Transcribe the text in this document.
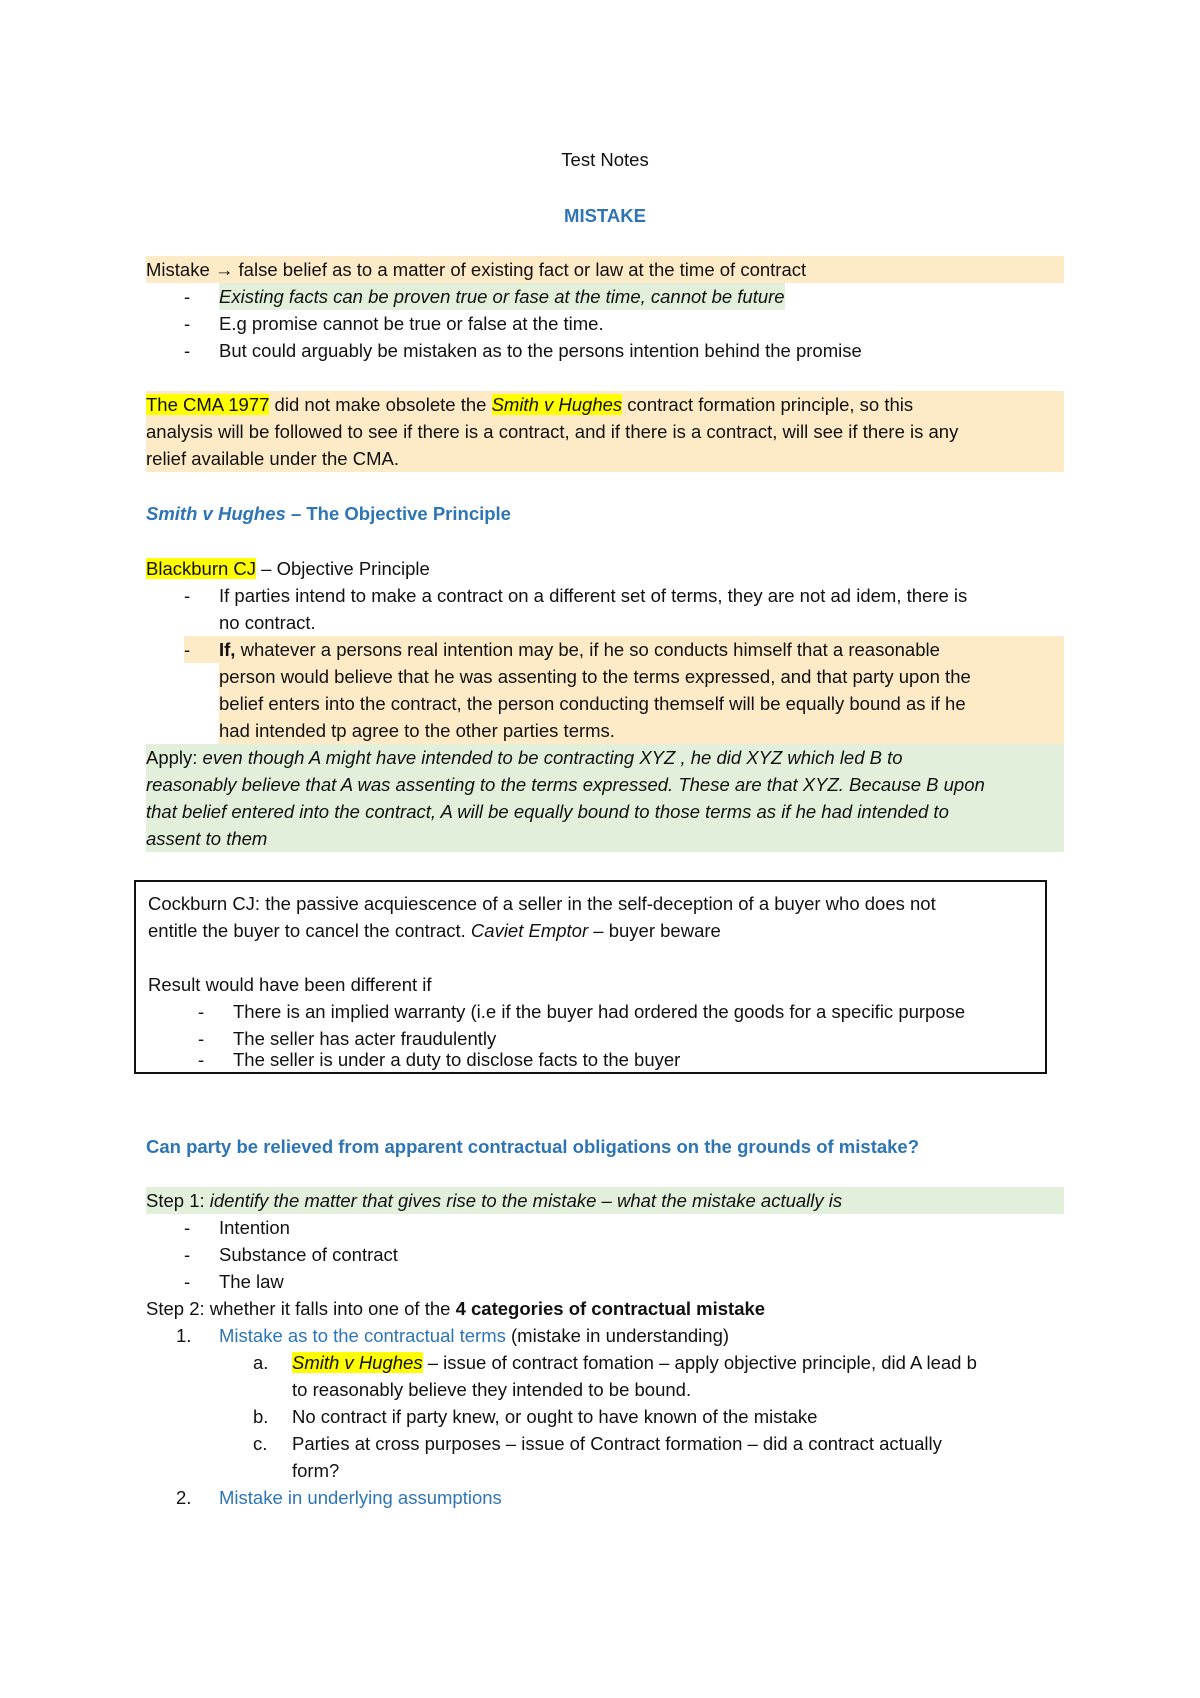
Test Notes
MISTAKE
Mistake → false belief as to a matter of existing fact or law at the time of contract
- Existing facts can be proven true or fase at the time, cannot be future
- E.g promise cannot be true or false at the time.
- But could arguably be mistaken as to the persons intention behind the promise
The CMA 1977 did not make obsolete the Smith v Hughes contract formation principle, so this
analysis will be followed to see if there is a contract, and if there is a contract, will see if there is any
relief available under the CMA.
Smith v Hughes – The Objective Principle
Blackburn CJ – Objective Principle
- If parties intend to make a contract on a different set of terms, they are not ad idem, there is
no contract.
-	If, whatever a persons real intention may be, if he so conducts himself that a reasonable
person would believe that he was assenting to the terms expressed, and that party upon the
belief enters into the contract, the person conducting themself will be equally bound as if he
had intended tp agree to the other parties terms.
Apply: even though A might have intended to be contracting XYZ , he did XYZ which led B to
reasonably believe that A was assenting to the terms expressed. These are that XYZ. Because B upon
that belief entered into the contract, A will be equally bound to those terms as if he had intended to
assent to them
Cockburn CJ: the passive acquiescence of a seller in the self-deception of a buyer who does not
entitle the buyer to cancel the contract. Caviet Emptor – buyer beware
Result would have been different if
- There is an implied warranty (i.e if the buyer had ordered the goods for a specific purpose
- The seller has acter fraudulently
- The seller is under a duty to disclose facts to the buyer
Can party be relieved from apparent contractual obligations on the grounds of mistake?
Step 1: identify the matter that gives rise to the mistake – what the mistake actually is
- Intention
- Substance of contract
- The law
Step 2: whether it falls into one of the 4 categories of contractual mistake
1. Mistake as to the contractual terms (mistake in understanding)
a. Smith v Hughes – issue of contract fomation – apply objective principle, did A lead b
to reasonably believe they intended to be bound.
b. No contract if party knew, or ought to have known of the mistake
c. Parties at cross purposes – issue of Contract formation – did a contract actually
form?
2. Mistake in underlying assumptions
